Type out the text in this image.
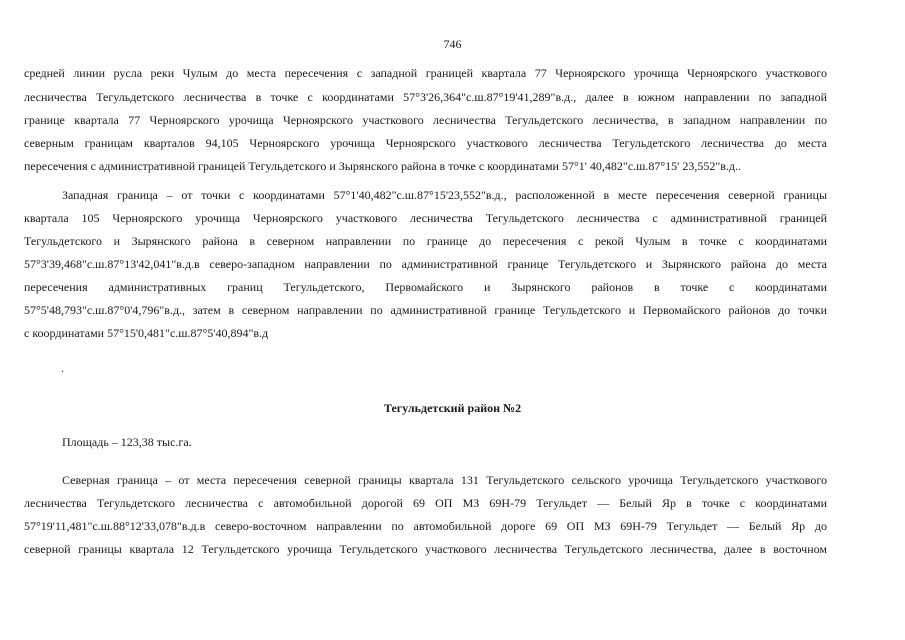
746
средней линии русла реки Чулым до места пересечения с западной границей квартала 77 Черноярского урочища Черноярского участкового
лесничества Тегульдетского лесничества в точке с координатами 57°3'26,364"с.ш.87°19'41,289"в.д., далее в южном направлении по западной
границе квартала 77 Черноярского урочища Черноярского участкового лесничества Тегульдетского лесничества, в западном направлении по
северным границам кварталов 94,105 Черноярского урочища Черноярского участкового лесничества Тегульдетского лесничества до места
пересечения с административной границей Тегульдетского и Зырянского района в точке с координатами 57°1' 40,482"с.ш.87°15' 23,552"в.д..
Западная граница – от точки с координатами 57°1'40,482"с.ш.87°15'23,552"в.д., расположенной в месте пересечения северной границы
квартала 105 Черноярского урочища Черноярского участкового лесничества Тегульдетского лесничества с административной границей
Тегульдетского и Зырянского района в северном направлении по границе до пересечения с рекой Чулым в точке с координатами
57°3'39,468"с.ш.87°13'42,041"в.д.в северо-западном направлении по административной границе Тегульдетского и Зырянского района до места
пересечения административных границ Тегульдетского, Первомайского и Зырянского районов в точке с координатами
57°5'48,793"с.ш.87°0'4,796"в.д., затем в северном направлении по административной границе Тегульдетского и Первомайского районов до точки
с координатами 57°15'0,481"с.ш.87°5'40,894"в.д
.
Тегульдетский район №2
Площадь – 123,38 тыс.га.
Северная граница – от места пересечения северной границы квартала 131 Тегульдетского сельского урочища Тегульдетского участкового
лесничества Тегульдетского лесничества с автомобильной дорогой 69 ОП МЗ 69Н-79 Тегульдет — Белый Яр в точке с координатами
57°19'11,481"с.ш.88°12'33,078"в.д.в северо-восточном направлении по автомобильной дороге 69 ОП МЗ 69Н-79 Тегульдет — Белый Яр до
северной границы квартала 12 Тегульдетского урочища Тегульдетского участкового лесничества Тегульдетского лесничества, далее в восточном
